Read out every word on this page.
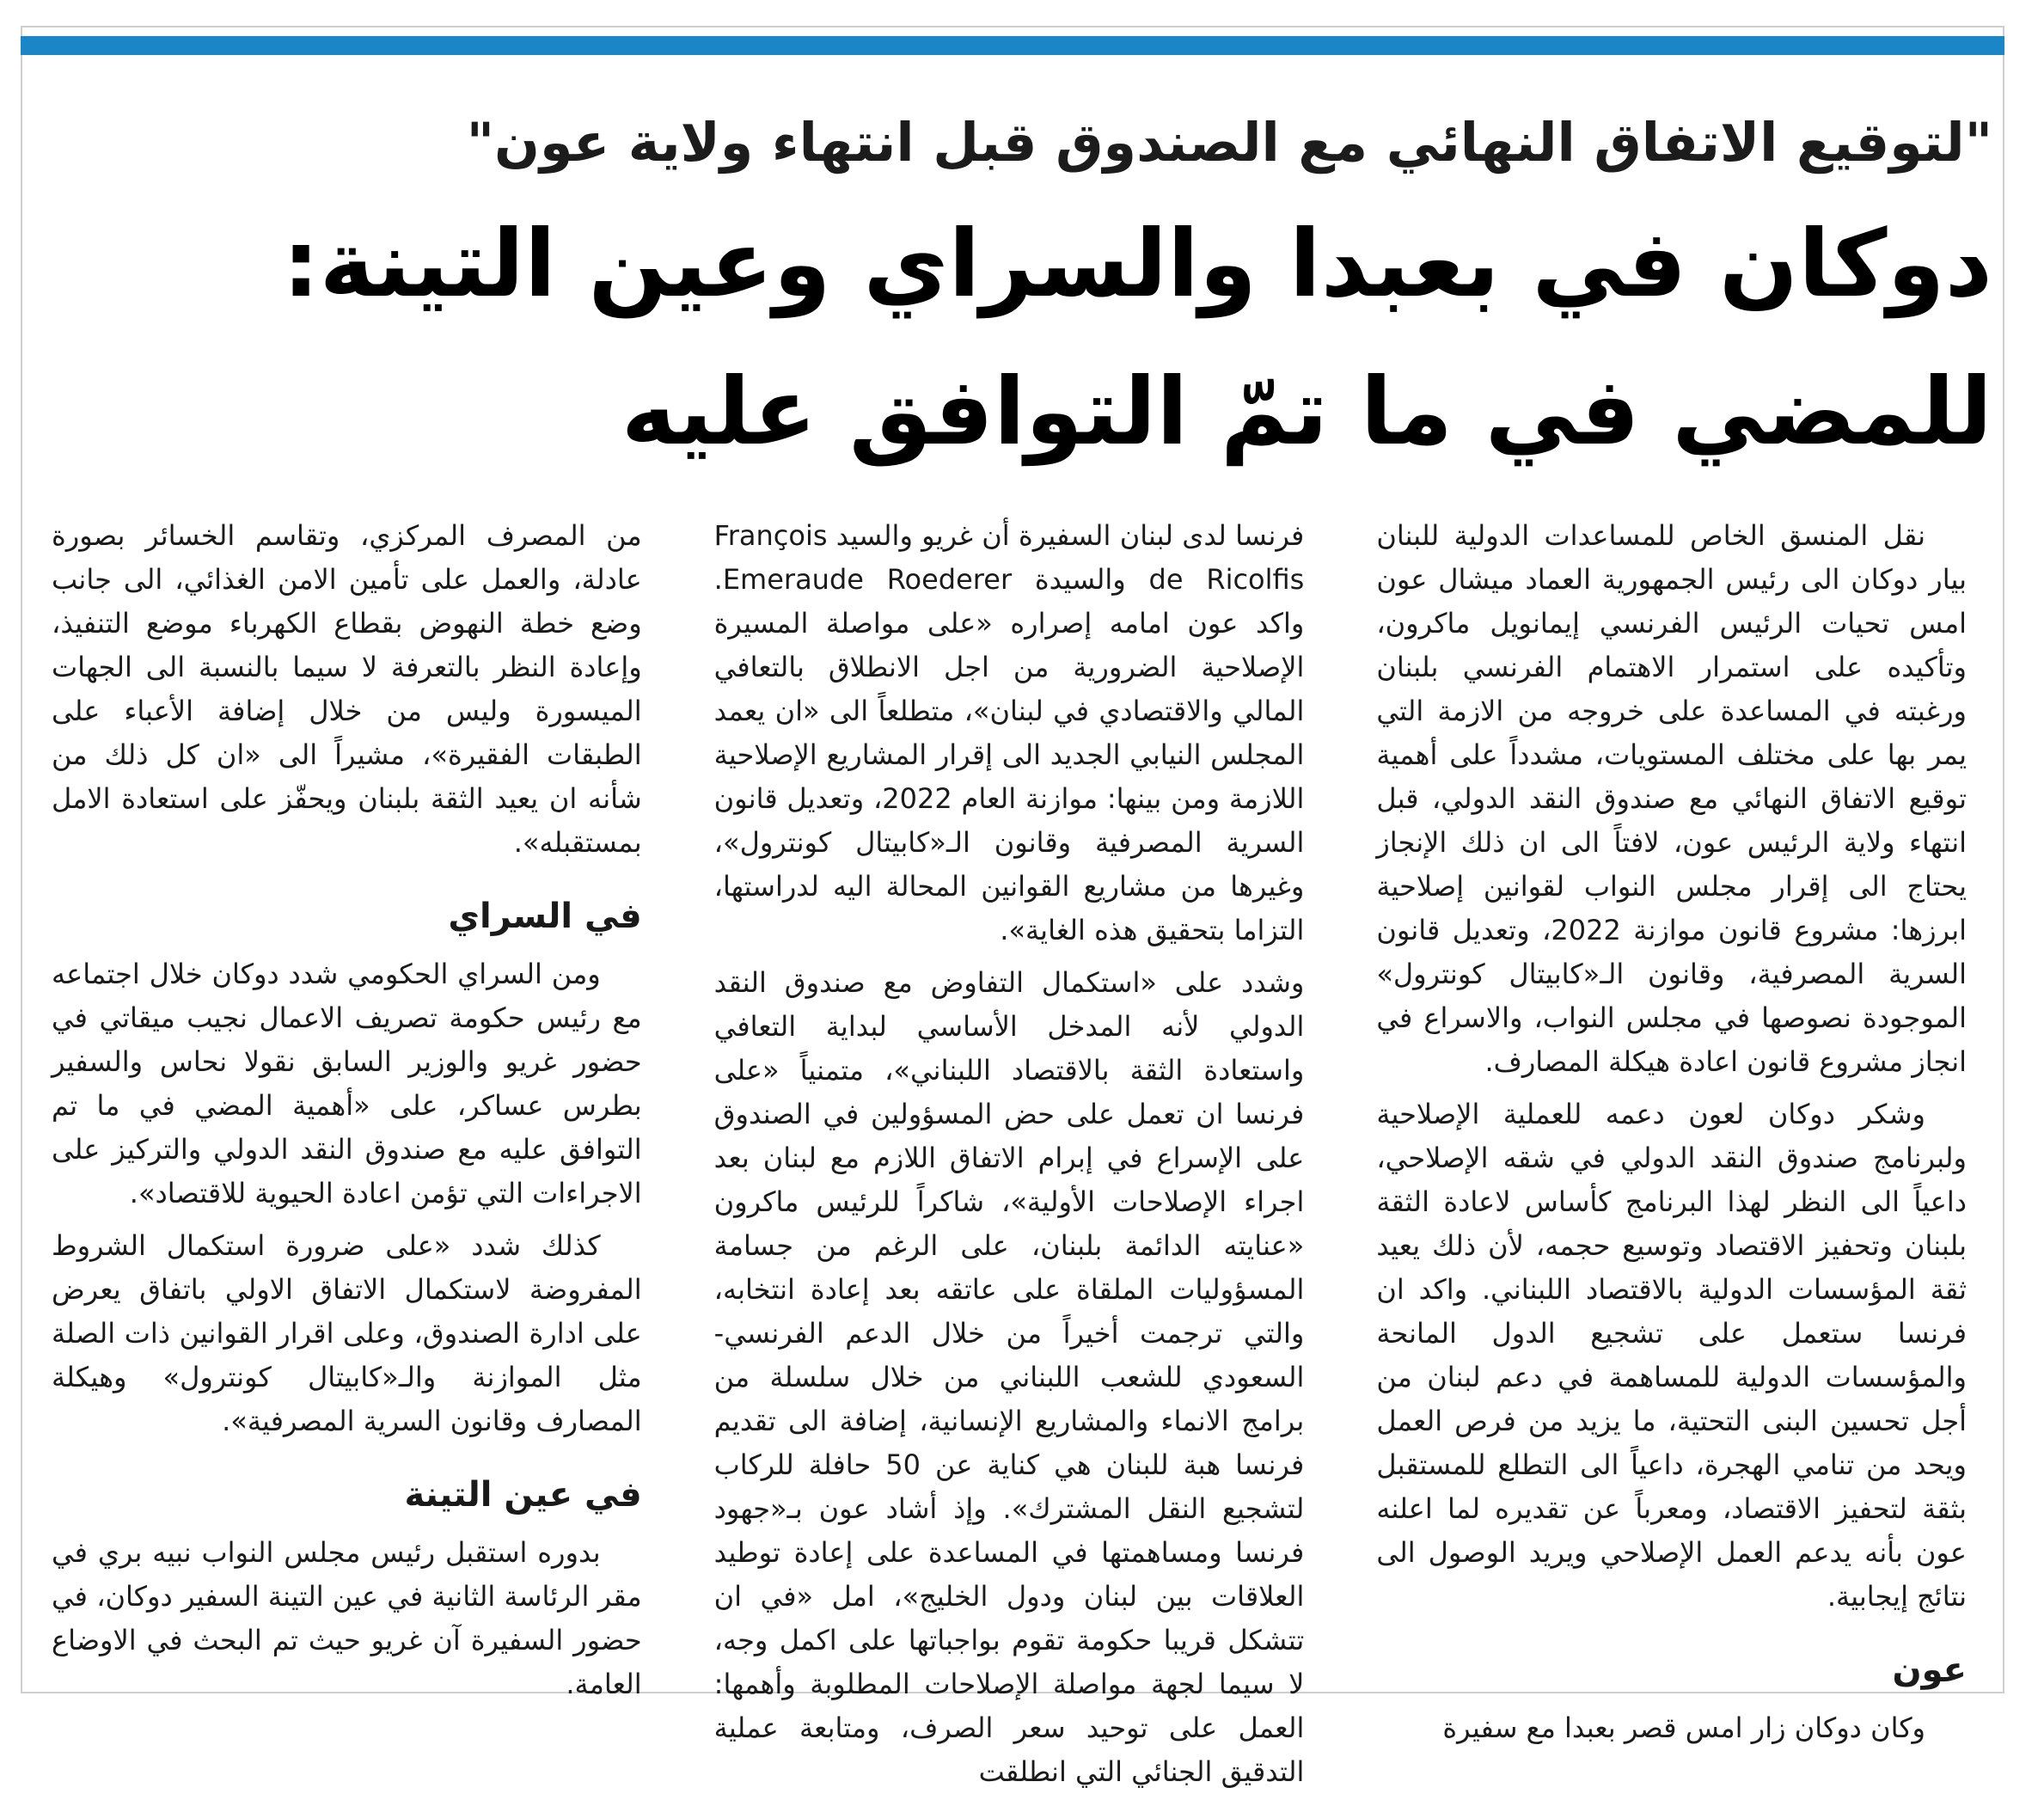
"لتوقيع الاتفاق النهائي مع الصندوق قبل انتهاء ولاية عون"
دوكان في بعبدا والسراي وعين التينة:
للمضي في ما تمّ التوافق عليه

نقل المنسق الخاص للمساعدات الدولية للبنان بيار دوكان الى رئيس الجمهورية العماد ميشال عون امس تحيات الرئيس الفرنسي إيمانويل ماكرون، وتأكيده على استمرار الاهتمام الفرنسي بلبنان ورغبته في المساعدة على خروجه من الازمة التي يمر بها على مختلف المستويات، مشدداً على أهمية توقيع الاتفاق النهائي مع صندوق النقد الدولي، قبل انتهاء ولاية الرئيس عون، لافتاً الى ان ذلك الإنجاز يحتاج الى إقرار مجلس النواب لقوانين إصلاحية ابرزها: مشروع قانون موازنة 2022، وتعديل قانون السرية المصرفية، وقانون الـ«كابيتال كونترول» الموجودة نصوصها في مجلس النواب، والاسراع في انجاز مشروع قانون اعادة هيكلة المصارف.

وشكر دوكان لعون دعمه للعملية الإصلاحية ولبرنامج صندوق النقد الدولي في شقه الإصلاحي، داعياً الى النظر لهذا البرنامج كأساس لاعادة الثقة بلبنان وتحفيز الاقتصاد وتوسيع حجمه، لأن ذلك يعيد ثقة المؤسسات الدولية بالاقتصاد اللبناني. واكد ان فرنسا ستعمل على تشجيع الدول المانحة والمؤسسات الدولية للمساهمة في دعم لبنان من أجل تحسين البنى التحتية، ما يزيد من فرص العمل ويحد من تنامي الهجرة، داعياً الى التطلع للمستقبل بثقة لتحفيز الاقتصاد، ومعرباً عن تقديره لما اعلنه عون بأنه يدعم العمل الإصلاحي ويريد الوصول الى نتائج إيجابية.

عون

وكان دوكان زار امس قصر بعبدا مع سفيرة

فرنسا لدى لبنان السفيرة أن غريو والسيد François de Ricolfis والسيدة Emeraude Roederer. واكد عون امامه إصراره «على مواصلة المسيرة الإصلاحية الضرورية من اجل الانطلاق بالتعافي المالي والاقتصادي في لبنان»، متطلعاً الى «ان يعمد المجلس النيابي الجديد الى إقرار المشاريع الإصلاحية اللازمة ومن بينها: موازنة العام 2022، وتعديل قانون السرية المصرفية وقانون الـ«كابيتال كونترول»، وغيرها من مشاريع القوانين المحالة اليه لدراستها، التزاما بتحقيق هذه الغاية».

وشدد على «استكمال التفاوض مع صندوق النقد الدولي لأنه المدخل الأساسي لبداية التعافي واستعادة الثقة بالاقتصاد اللبناني»، متمنياً «على فرنسا ان تعمل على حض المسؤولين في الصندوق على الإسراع في إبرام الاتفاق اللازم مع لبنان بعد اجراء الإصلاحات الأولية»، شاكراً للرئيس ماكرون «عنايته الدائمة بلبنان، على الرغم من جسامة المسؤوليات الملقاة على عاتقه بعد إعادة انتخابه، والتي ترجمت أخيراً من خلال الدعم الفرنسي-السعودي للشعب اللبناني من خلال سلسلة من برامج الانماء والمشاريع الإنسانية، إضافة الى تقديم فرنسا هبة للبنان هي كناية عن 50 حافلة للركاب لتشجيع النقل المشترك». وإذ أشاد عون بـ«جهود فرنسا ومساهمتها في المساعدة على إعادة توطيد العلاقات بين لبنان ودول الخليج»، امل «في ان تتشكل قريبا حكومة تقوم بواجباتها على اكمل وجه، لا سيما لجهة مواصلة الإصلاحات المطلوبة وأهمها: العمل على توحيد سعر الصرف، ومتابعة عملية التدقيق الجنائي التي انطلقت

من المصرف المركزي، وتقاسم الخسائر بصورة عادلة، والعمل على تأمين الامن الغذائي، الى جانب وضع خطة النهوض بقطاع الكهرباء موضع التنفيذ، وإعادة النظر بالتعرفة لا سيما بالنسبة الى الجهات الميسورة وليس من خلال إضافة الأعباء على الطبقات الفقيرة»، مشيراً الى «ان كل ذلك من شأنه ان يعيد الثقة بلبنان ويحفّز على استعادة الامل بمستقبله».

في السراي

ومن السراي الحكومي شدد دوكان خلال اجتماعه مع رئيس حكومة تصريف الاعمال نجيب ميقاتي في حضور غريو والوزير السابق نقولا نحاس والسفير بطرس عساكر، على «أهمية المضي في ما تم التوافق عليه مع صندوق النقد الدولي والتركيز على الاجراءات التي تؤمن اعادة الحيوية للاقتصاد».

كذلك شدد «على ضرورة استكمال الشروط المفروضة لاستكمال الاتفاق الاولي باتفاق يعرض على ادارة الصندوق، وعلى اقرار القوانين ذات الصلة مثل الموازنة والـ«كابيتال كونترول» وهيكلة المصارف وقانون السرية المصرفية».

في عين التينة

بدوره استقبل رئيس مجلس النواب نبيه بري في مقر الرئاسة الثانية في عين التينة السفير دوكان، في حضور السفيرة آن غريو حيث تم البحث في الاوضاع العامة.
